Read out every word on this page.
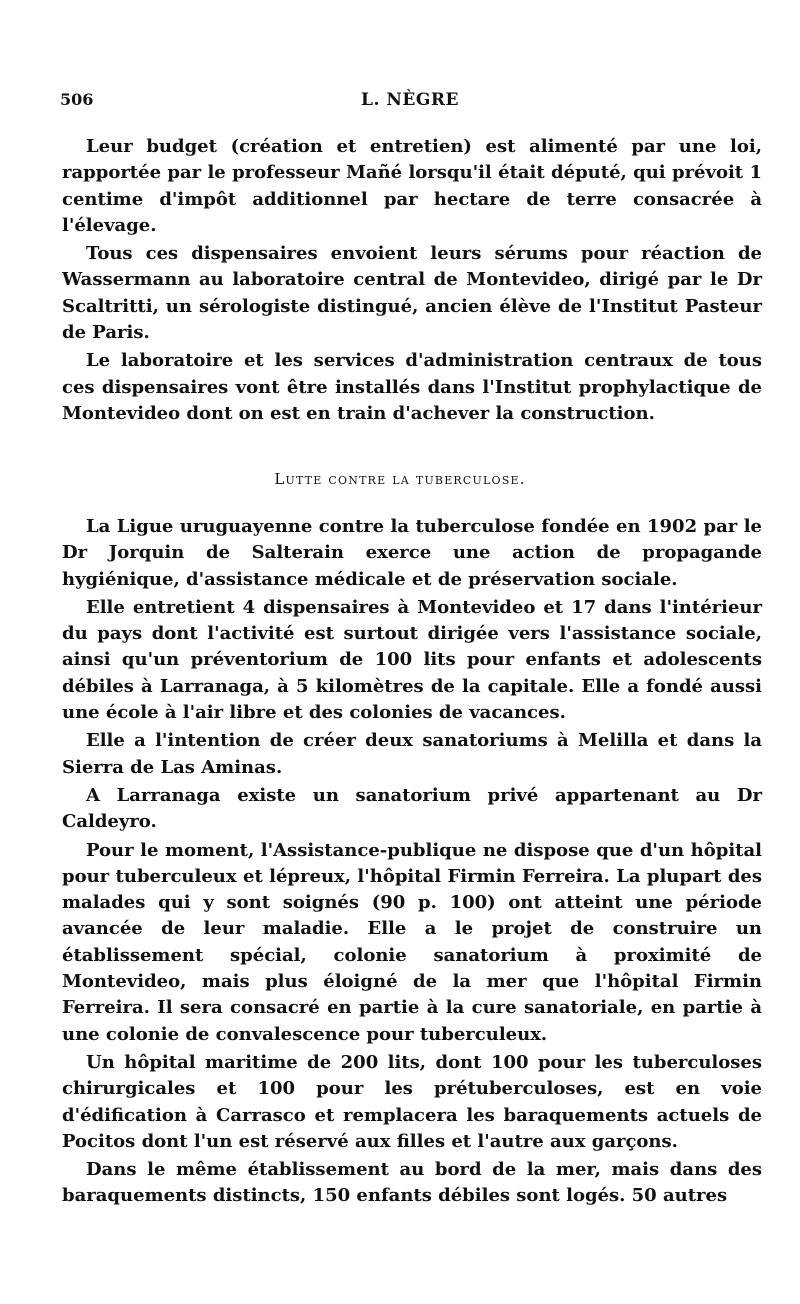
506	L. NÈGRE

Leur budget (création et entretien) est alimenté par une loi, rapportée par le professeur Mañé lorsqu'il était député, qui prévoit 1 centime d'impôt additionnel par hectare de terre consacrée à l'élevage.

Tous ces dispensaires envoient leurs sérums pour réaction de Wassermann au laboratoire central de Montevideo, dirigé par le Dr Scaltritti, un sérologiste distingué, ancien élève de l'Institut Pasteur de Paris.

Le laboratoire et les services d'administration centraux de tous ces dispensaires vont être installés dans l'Institut prophylactique de Montevideo dont on est en train d'achever la construction.

Lutte contre la tuberculose.

La Ligue uruguayenne contre la tuberculose fondée en 1902 par le Dr Jorquin de Salterain exerce une action de propagande hygiénique, d'assistance médicale et de préservation sociale.

Elle entretient 4 dispensaires à Montevideo et 17 dans l'intérieur du pays dont l'activité est surtout dirigée vers l'assistance sociale, ainsi qu'un préventorium de 100 lits pour enfants et adolescents débiles à Larranaga, à 5 kilomètres de la capitale. Elle a fondé aussi une école à l'air libre et des colonies de vacances.

Elle a l'intention de créer deux sanatoriums à Melilla et dans la Sierra de Las Aminas.

A Larranaga existe un sanatorium privé appartenant au Dr Caldeyro.

Pour le moment, l'Assistance-publique ne dispose que d'un hôpital pour tuberculeux et lépreux, l'hôpital Firmin Ferreira. La plupart des malades qui y sont soignés (90 p. 100) ont atteint une période avancée de leur maladie. Elle a le projet de construire un établissement spécial, colonie sanatorium à proximité de Montevideo, mais plus éloigné de la mer que l'hôpital Firmin Ferreira. Il sera consacré en partie à la cure sanatoriale, en partie à une colonie de convalescence pour tuberculeux.

Un hôpital maritime de 200 lits, dont 100 pour les tuberculoses chirurgicales et 100 pour les prétuberculoses, est en voie d'édification à Carrasco et remplacera les baraquements actuels de Pocitos dont l'un est réservé aux filles et l'autre aux garçons.

Dans le même établissement au bord de la mer, mais dans des baraquements distincts, 150 enfants débiles sont logés. 50 autres
